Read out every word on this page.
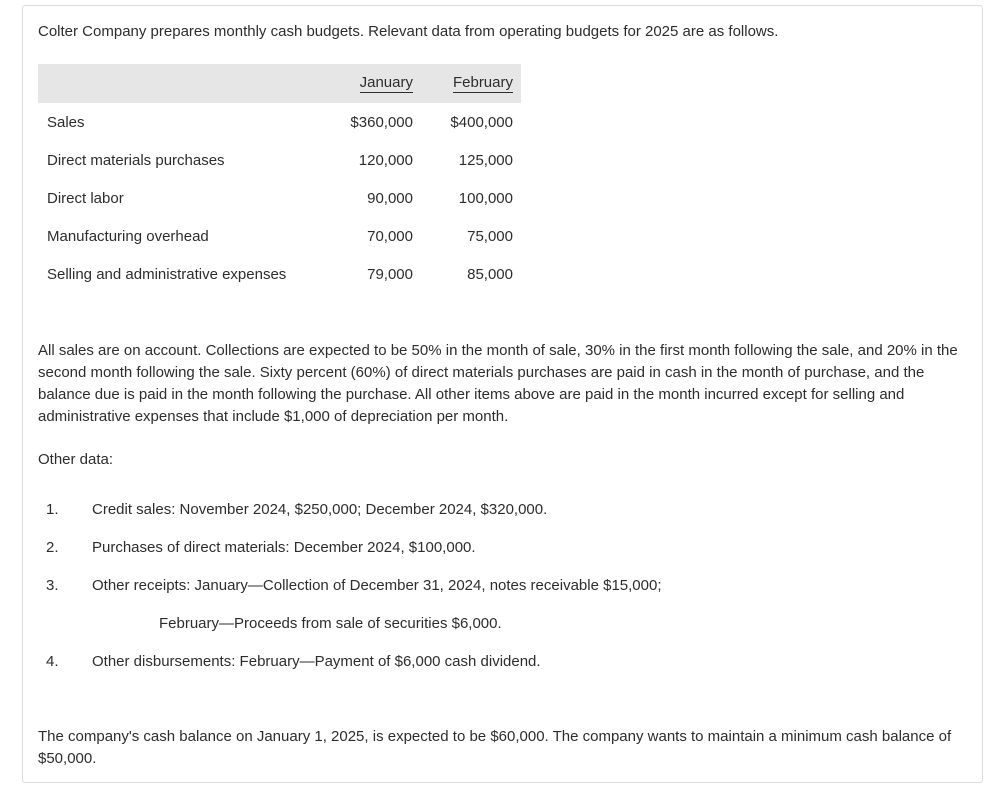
Colter Company prepares monthly cash budgets. Relevant data from operating budgets for 2025 are as follows.
	January	February
Sales	$360,000	$400,000
Direct materials purchases	120,000	125,000
Direct labor	90,000	100,000
Manufacturing overhead	70,000	75,000
Selling and administrative expenses	79,000	85,000
All sales are on account. Collections are expected to be 50% in the month of sale, 30% in the first month following the sale, and 20% in the second month following the sale. Sixty percent (60%) of direct materials purchases are paid in cash in the month of purchase, and the balance due is paid in the month following the purchase. All other items above are paid in the month incurred except for selling and administrative expenses that include $1,000 of depreciation per month.
Other data:
1. Credit sales: November 2024, $250,000; December 2024, $320,000.
2. Purchases of direct materials: December 2024, $100,000.
3. Other receipts: January—Collection of December 31, 2024, notes receivable $15,000;
February—Proceeds from sale of securities $6,000.
4. Other disbursements: February—Payment of $6,000 cash dividend.
The company's cash balance on January 1, 2025, is expected to be $60,000. The company wants to maintain a minimum cash balance of $50,000.
